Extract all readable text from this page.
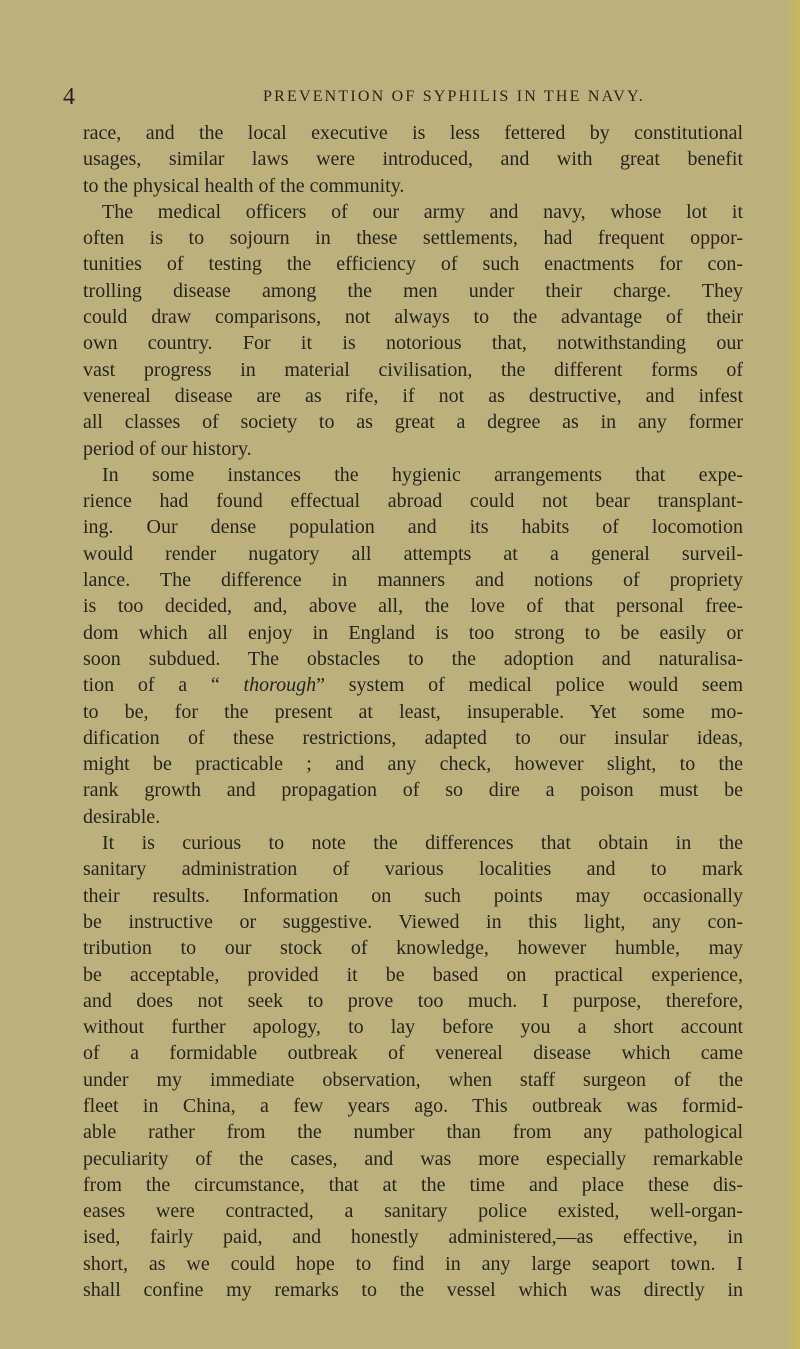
4	PREVENTION OF SYPHILIS IN THE NAVY.
race, and the local executive is less fettered by constitutional
usages, similar laws were introduced, and with great benefit
to the physical health of the community.
The medical officers of our army and navy, whose lot it
often is to sojourn in these settlements, had frequent oppor-
tunities of testing the efficiency of such enactments for con-
trolling disease among the men under their charge. They
could draw comparisons, not always to the advantage of their
own country. For it is notorious that, notwithstanding our
vast progress in material civilisation, the different forms of
venereal disease are as rife, if not as destructive, and infest
all classes of society to as great a degree as in any former
period of our history.
In some instances the hygienic arrangements that expe-
rience had found effectual abroad could not bear transplant-
ing. Our dense population and its habits of locomotion
would render nugatory all attempts at a general surveil-
lance. The difference in manners and notions of propriety
is too decided, and, above all, the love of that personal free-
dom which all enjoy in England is too strong to be easily or
soon subdued. The obstacles to the adoption and naturalisa-
tion of a “ thorough” system of medical police would seem
to be, for the present at least, insuperable. Yet some mo-
dification of these restrictions, adapted to our insular ideas,
might be practicable ; and any check, however slight, to the
rank growth and propagation of so dire a poison must be
desirable.
It is curious to note the differences that obtain in the
sanitary administration of various localities and to mark
their results. Information on such points may occasionally
be instructive or suggestive. Viewed in this light, any con-
tribution to our stock of knowledge, however humble, may
be acceptable, provided it be based on practical experience,
and does not seek to prove too much. I purpose, therefore,
without further apology, to lay before you a short account
of a formidable outbreak of venereal disease which came
under my immediate observation, when staff surgeon of the
fleet in China, a few years ago. This outbreak was formid-
able rather from the number than from any pathological
peculiarity of the cases, and was more especially remarkable
from the circumstance, that at the time and place these dis-
eases were contracted, a sanitary police existed, well-organ-
ised, fairly paid, and honestly administered,—as effective, in
short, as we could hope to find in any large seaport town. I
shall confine my remarks to the vessel which was directly in
